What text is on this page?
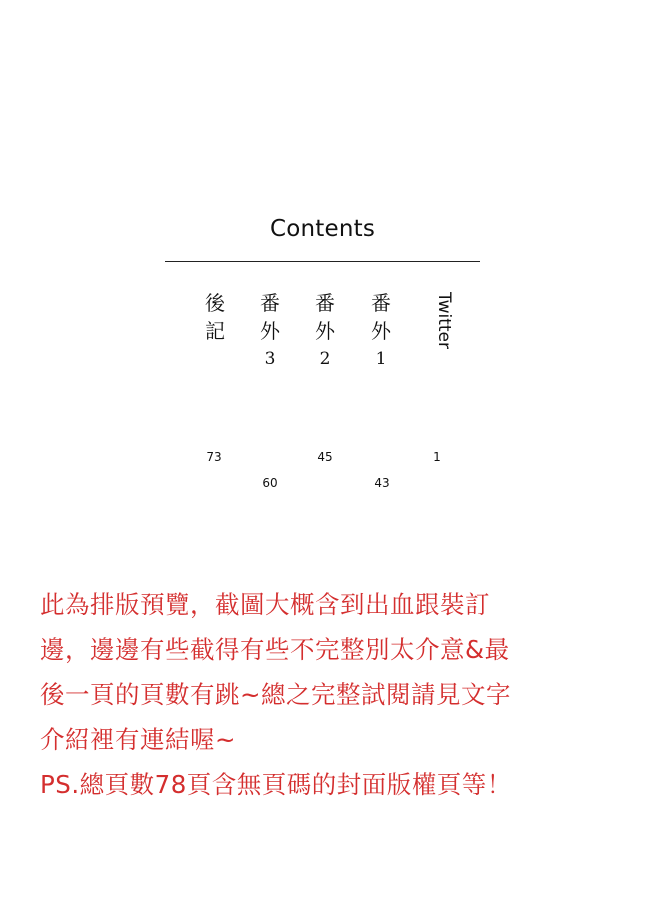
Contents
Twitter
番
外
1
番
外
2
番
外
3
後
記
1
43
45
60
73
此為排版預覽，截圖大概含到出血跟裝訂
邊，邊邊有些截得有些不完整別太介意&最
後一頁的頁數有跳~總之完整試閱請見文字
介紹裡有連結喔~
PS.總頁數78頁含無頁碼的封面版權頁等！
